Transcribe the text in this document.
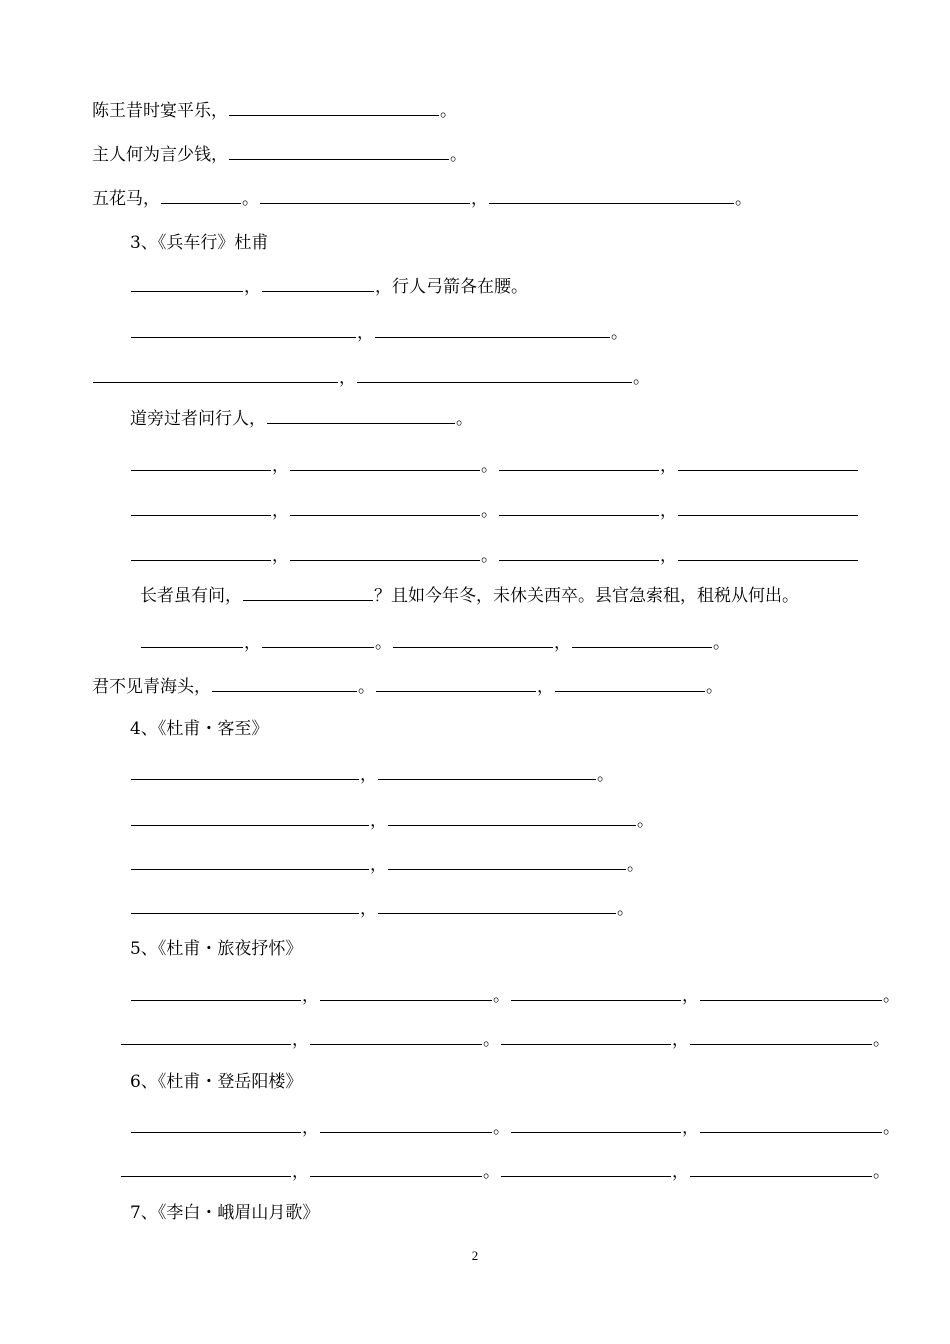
陈王昔时宴平乐，	。
主人何为言少钱，	。
五花马，	。	，	。
3、《兵车行》杜甫
，	，行人弓箭各在腰。
，	。
，	。
道旁过者问行人，	。
，	。	，
，	。	，
，	。	，
长者虽有问，	？且如今年冬，未休关西卒。县官急索租，租税从何出。
，	。	，	。
君不见青海头，	。	，	。
4、《杜甫・客至》
，	。
，	。
，	。
，	。
5、《杜甫・旅夜抒怀》
，	。	，	。
，	。	，	。
6、《杜甫・登岳阳楼》
，	。	，	。
，	。	，	。
7、《李白・峨眉山月歌》
2
